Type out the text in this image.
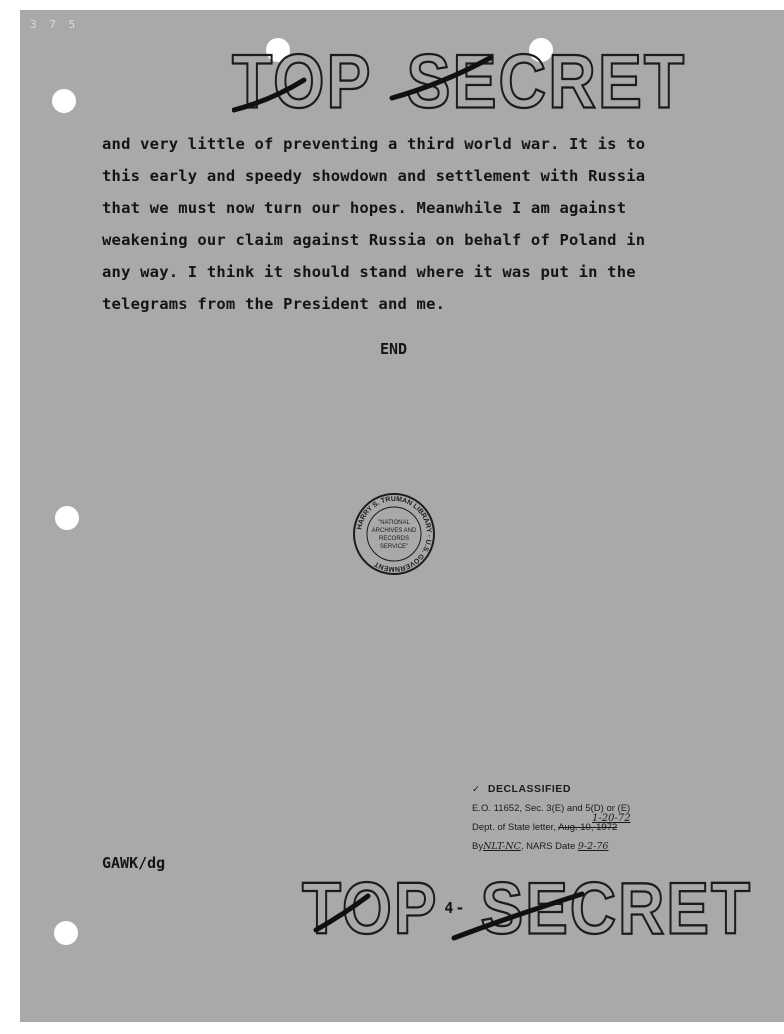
3 7 5
TOP SECRET

and very little of preventing a third world war. It is to

this early and speedy showdown and settlement with Russia

that we must now turn our hopes. Meanwhile I am against

weakening our claim against Russia on behalf of Poland in

any way. I think it should stand where it was put in the

telegrams from the President and me.

END
HARRY S. TRUMAN LIBRARY · U.S. GOVERNMENT
"NATIONAL
ARCHIVES AND
RECORDS
SERVICE"
✓ DECLASSIFIED
E.O. 11652, Sec. 3(E) and 5(D) or (E)
Dept. of State letter, Aug. 10, 1972
1-20-72
ByNLT-NC, NARS Date 9-2-76
GAWK/dg
TOP 4- SECRET
